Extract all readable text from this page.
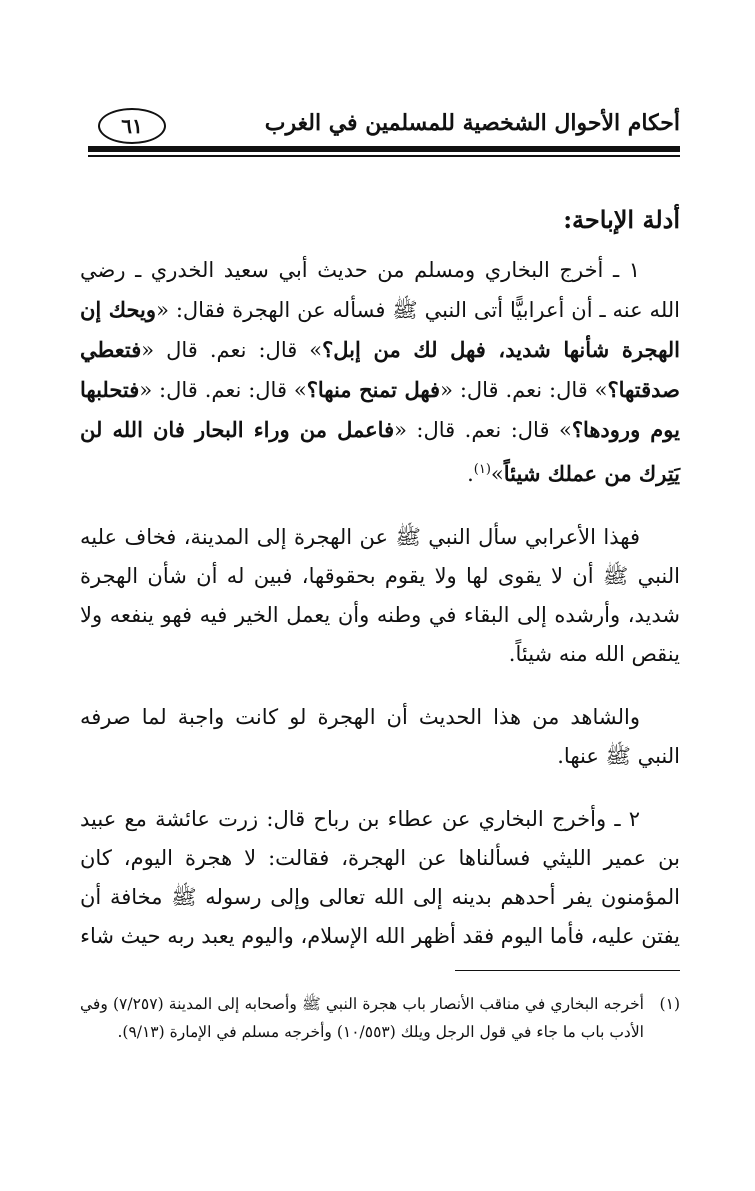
أحكام الأحوال الشخصية للمسلمين في الغرب
٦١
أدلة الإباحة:

١ ـ أخرج البخاري ومسلم من حديث أبي سعيد الخدري ـ رضي الله عنه ـ أن أعرابيًّا أتى النبي ﷺ فسأله عن الهجرة فقال: «ويحك إن الهجرة شأنها شديد، فهل لك من إبل؟» قال: نعم. قال «فتعطي صدقتها؟» قال: نعم. قال: «فهل تمنح منها؟» قال: نعم. قال: «فتحلبها يوم ورودها؟» قال: نعم. قال: «فاعمل من وراء البحار فان الله لن يَتِرك من عملك شيئاً»$^{(١)}$.

فهذا الأعرابي سأل النبي ﷺ عن الهجرة إلى المدينة، فخاف عليه النبي ﷺ أن لا يقوى لها ولا يقوم بحقوقها، فبين له أن شأن الهجرة شديد، وأرشده إلى البقاء في وطنه وأن يعمل الخير فيه فهو ينفعه ولا ينقص الله منه شيئاً.

والشاهد من هذا الحديث أن الهجرة لو كانت واجبة لما صرفه النبي ﷺ عنها.

٢ ـ وأخرج البخاري عن عطاء بن رباح قال: زرت عائشة مع عبيد بن عمير الليثي فسألناها عن الهجرة، فقالت: لا هجرة اليوم، كان المؤمنون يفر أحدهم بدينه إلى الله تعالى وإلى رسوله ﷺ مخافة أن يفتن عليه، فأما اليوم فقد أظهر الله الإسلام، واليوم يعبد ربه حيث شاء

(١)
أخرجه البخاري في مناقب الأنصار باب هجرة النبي ﷺ وأصحابه إلى المدينة (٧/٢٥٧) وفي الأدب باب ما جاء في قول الرجل ويلك (١٠/٥٥٣) وأخرجه مسلم في الإمارة (٩/١٣).
